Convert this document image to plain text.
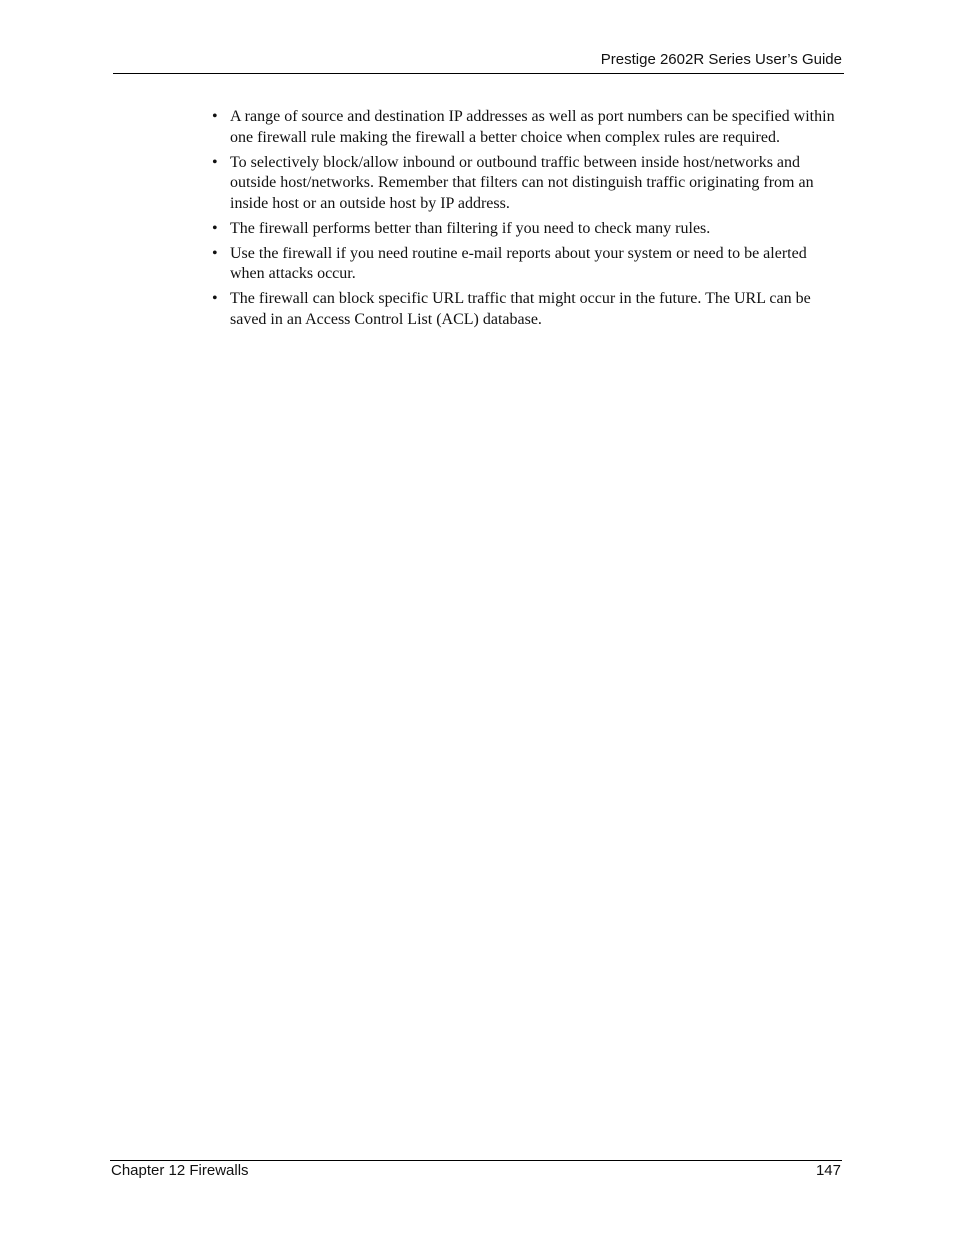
Prestige 2602R Series User’s Guide
• A range of source and destination IP addresses as well as port numbers can be specified within one firewall rule making the firewall a better choice when complex rules are required.
• To selectively block/allow inbound or outbound traffic between inside host/networks and outside host/networks. Remember that filters can not distinguish traffic originating from an inside host or an outside host by IP address.
• The firewall performs better than filtering if you need to check many rules.
• Use the firewall if you need routine e-mail reports about your system or need to be alerted when attacks occur.
• The firewall can block specific URL traffic that might occur in the future. The URL can be saved in an Access Control List (ACL) database.
Chapter 12 Firewalls	147
